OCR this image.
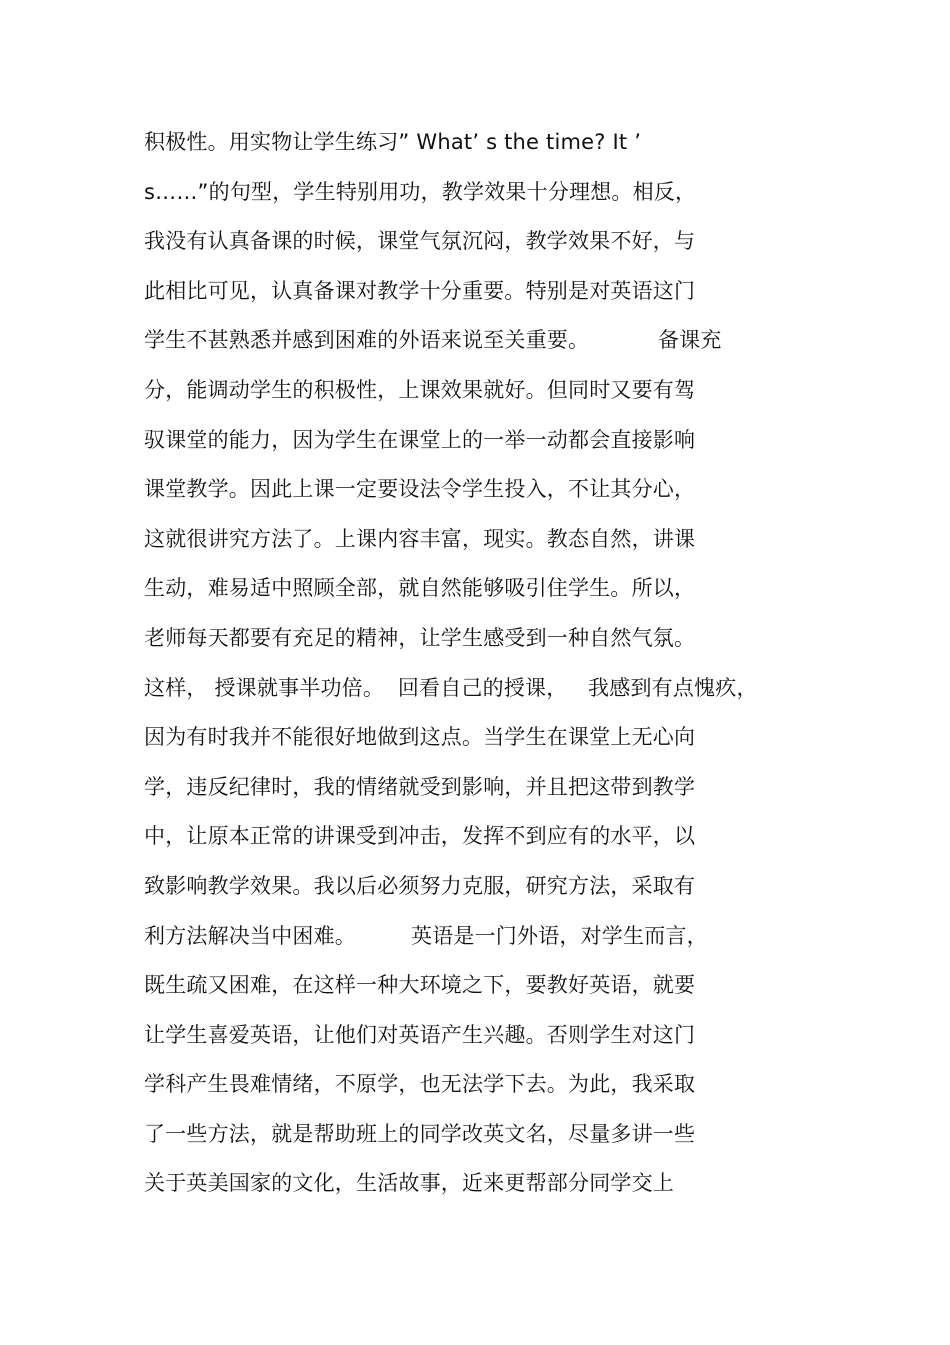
积极性。用实物让学生练习” What’ s the time? It ’
s……”的句型，学生特别用功，教学效果十分理想。相反，
我没有认真备课的时候，课堂气氛沉闷，教学效果不好，与
此相比可见，认真备课对教学十分重要。特别是对英语这门
学生不甚熟悉并感到困难的外语来说至关重要。          备课充
分，能调动学生的积极性，上课效果就好。但同时又要有驾
驭课堂的能力，因为学生在课堂上的一举一动都会直接影响
课堂教学。因此上课一定要设法令学生投入，不让其分心，
这就很讲究方法了。上课内容丰富，现实。教态自然，讲课
生动，难易适中照顾全部，就自然能够吸引住学生。所以，
老师每天都要有充足的精神，让学生感受到一种自然气氛。
这样， 授课就事半功倍。  回看自己的授课，   我感到有点愧疚，
因为有时我并不能很好地做到这点。当学生在课堂上无心向
学，违反纪律时，我的情绪就受到影响，并且把这带到教学
中，让原本正常的讲课受到冲击，发挥不到应有的水平，以
致影响教学效果。我以后必须努力克服，研究方法，采取有
利方法解决当中困难。        英语是一门外语，对学生而言，
既生疏又困难，在这样一种大环境之下，要教好英语，就要
让学生喜爱英语，让他们对英语产生兴趣。否则学生对这门
学科产生畏难情绪，不原学，也无法学下去。为此，我采取
了一些方法，就是帮助班上的同学改英文名，尽量多讲一些
关于英美国家的文化，生活故事，近来更帮部分同学交上
